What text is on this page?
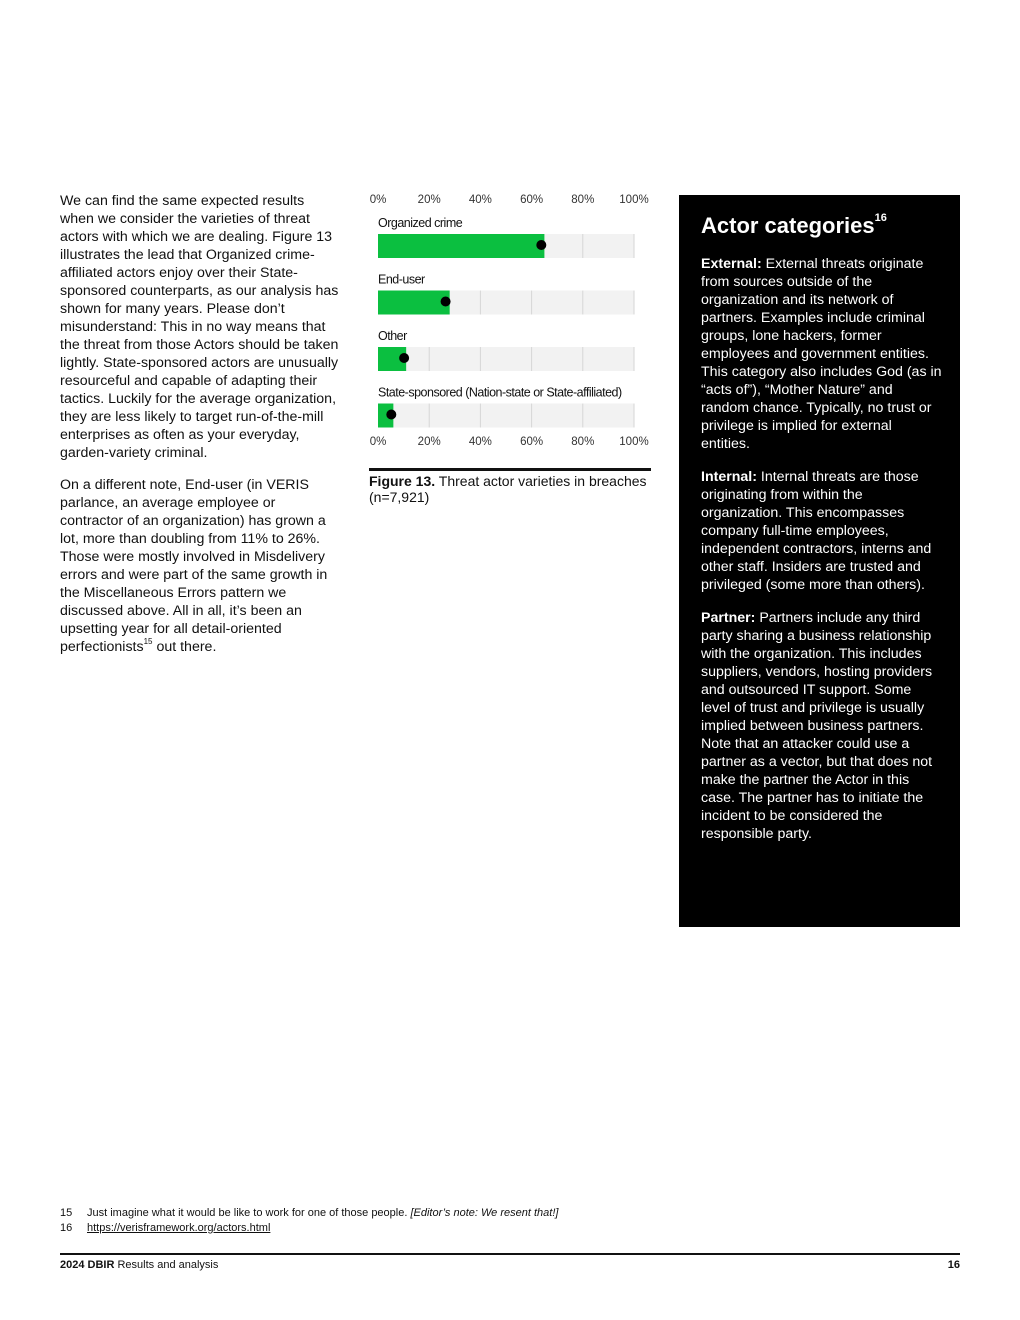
We can find the same expected results when we consider the varieties of threat actors with which we are dealing. Figure 13 illustrates the lead that Organized crime-affiliated actors enjoy over their State-sponsored counterparts, as our analysis has shown for many years. Please don’t misunderstand: This in no way means that the threat from those Actors should be taken lightly. State-sponsored actors are unusually resourceful and capable of adapting their tactics. Luckily for the average organization, they are less likely to target run-of-the-mill enterprises as often as your everyday, garden-variety criminal.

On a different note, End-user (in VERIS parlance, an average employee or contractor of an organization) has grown a lot, more than doubling from 11% to 26%. Those were mostly involved in Misdelivery errors and were part of the same growth in the Miscellaneous Errors pattern we discussed above. All in all, it’s been an upsetting year for all detail-oriented perfectionists$^{15}$ out there.

0%	20% 40% 60% 80% 100%
0%	20% 40% 60% 80% 100%
Organized crime
End-user
Other
State-sponsored (Nation-state or State-affiliated)
Figure 13. Threat actor varieties in breaches (n=7,921)
Actor categories$^{16}$

External: External threats originate from sources outside of the organization and its network of partners. Examples include criminal groups, lone hackers, former employees and government entities. This category also includes God (as in “acts of”), “Mother Nature” and random chance. Typically, no trust or privilege is implied for external entities.

Internal: Internal threats are those originating from within the organization. This encompasses company full-time employees, independent contractors, interns and other staff. Insiders are trusted and privileged (some more than others).

Partner: Partners include any third party sharing a business relationship with the organization. This includes suppliers, vendors, hosting providers and outsourced IT support. Some level of trust and privilege is usually implied between business partners. Note that an attacker could use a partner as a vector, but that does not make the partner the Actor in this case. The partner has to initiate the incident to be considered the responsible party.

15	Just imagine what it would be like to work for one of those people. [Editor’s note: We resent that!]
16	https://verisframework.org/actors.html
2024 DBIR Results and analysis	16
